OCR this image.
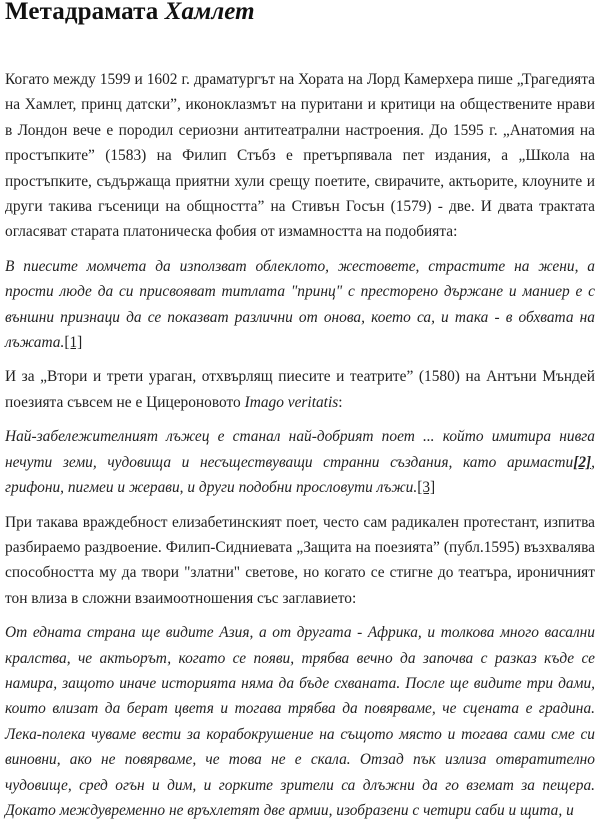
Метадрамата Хамлет

Когато между 1599 и 1602 г. драматургът на Хората на Лорд Камерхера пише „Трагедията на Хамлет, принц датски”, иконоклазмът на пуритани и критици на обществените нрави в Лондон вече е породил сериозни антитеатрални настроения. До 1595 г. „Анатомия на простъпките” (1583) на Филип Стъбз е претърпявала пет издания, а „Школа на простъпките, съдържаща приятни хули срещу поетите, свирачите, актьорите, клоуните и други такива гъсеници на общността” на Стивън Госън (1579) - две. И двата трактата огласяват старата платоническа фобия от измамността на подобията:

В пиесите момчета да използват облеклото, жестовете, страстите на жени, а прости люде да си присвояват титлата "принц" с престорено държане и маниер е с външни признаци да се показват различни от онова, което са, и така - в обхвата на лъжата.[1]

И за „Втори и трети ураган, отхвърлящ пиесите и театрите” (1580) на Антъни Мъндей поезията съвсем не е Цицероновото Imago veritatis:

Най-забележителният лъжец е станал най-добрият поет ... който имитира нивга нечути земи, чудовища и несъществуващи странни създания, като аримасти[2], грифони, пигмеи и жерави, и други подобни прословути лъжи.[3]

При такава враждебност елизабетинският поет, често сам радикален протестант, изпитва разбираемо раздвоение. Филип-Сидниевата „Защита на поезията” (публ.1595) възхвалява способността му да твори "златни" светове, но когато се стигне до театъра, ироничният тон влиза в сложни взаимоотношения със заглавието:

От едната страна ще видите Азия, а от другата - Африка, и толкова много васални кралства, че актьорът, когато се появи, трябва вечно да започва с разказ къде се намира, защото иначе историята няма да бъде схваната. После ще видите три дами, които влизат да берат цветя и тогава трябва да повярваме, че сцената е градина. Лека-полека чуваме вести за корабокрушение на същото място и тогава сами сме си виновни, ако не повярваме, че това не е скала. Отзад пък излиза отвратително чудовище, сред огън и дим, и горките зрители са длъжни да го вземат за пещера. Докато междувременно не връхлетят две армии, изобразени с четири саби и щита, и
